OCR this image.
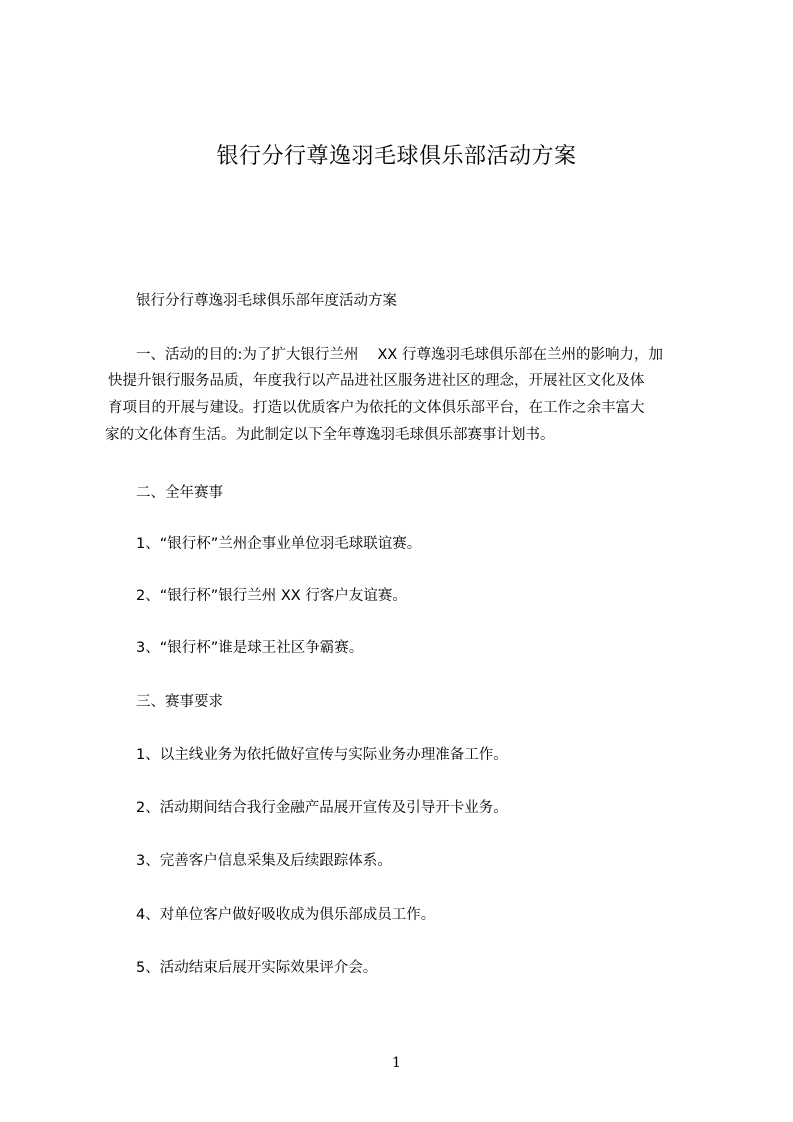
银行分行尊逸羽毛球俱乐部活动方案
银行分行尊逸羽毛球俱乐部年度活动方案
一、活动的目的:为了扩大银行兰州　 XX 行尊逸羽毛球俱乐部在兰州的影响力，加
快提升银行服务品质，年度我行以产品进社区服务进社区的理念，开展社区文化及体
育项目的开展与建设。打造以优质客户为依托的文体俱乐部平台，在工作之余丰富大
家的文化体育生活。为此制定以下全年尊逸羽毛球俱乐部赛事计划书。
二、全年赛事
1、“银行杯”兰州企事业单位羽毛球联谊赛。
2、“银行杯”银行兰州 XX 行客户友谊赛。
3、“银行杯”谁是球王社区争霸赛。
三、赛事要求
1、以主线业务为依托做好宣传与实际业务办理准备工作。
2、活动期间结合我行金融产品展开宣传及引导开卡业务。
3、完善客户信息采集及后续跟踪体系。
4、对单位客户做好吸收成为俱乐部成员工作。
5、活动结束后展开实际效果评介会。
1
